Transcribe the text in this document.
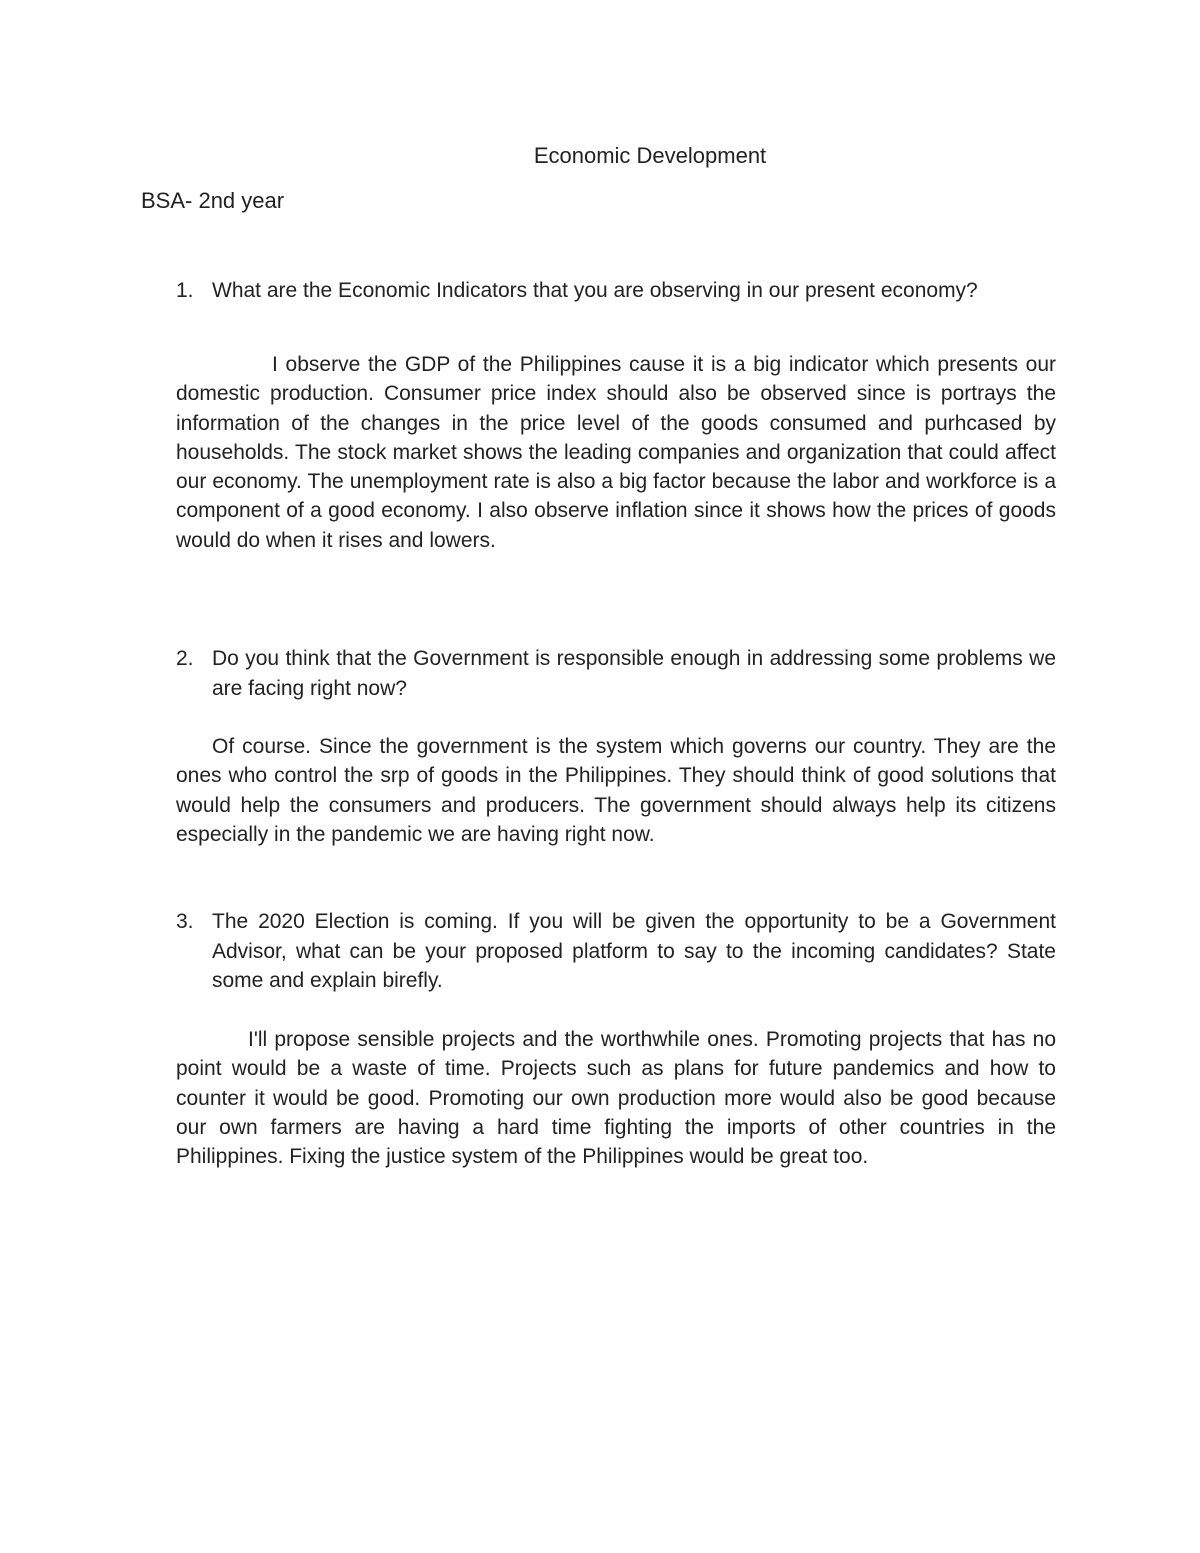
Economic Development
BSA- 2nd year
1. What are the Economic Indicators that you are observing in our present economy?
I observe the GDP of the Philippines cause it is a big indicator which presents our domestic production. Consumer price index should also be observed since is portrays the information of the changes in the price level of the goods consumed and purhcased by households. The stock market shows the leading companies and organization that could affect our economy. The unemployment rate is also a big factor because the labor and workforce is a component of a good economy. I also observe inflation since it shows how the prices of goods would do when it rises and lowers.
2. Do you think that the Government is responsible enough in addressing some problems we are facing right now?
Of course. Since the government is the system which governs our country. They are the ones who control the srp of goods in the Philippines. They should think of good solutions that would help the consumers and producers. The government should always help its citizens especially in the pandemic we are having right now.
3. The 2020 Election is coming. If you will be given the opportunity to be a Government Advisor, what can be your proposed platform to say to the incoming candidates? State some and explain birefly.
I'll propose sensible projects and the worthwhile ones. Promoting projects that has no point would be a waste of time. Projects such as plans for future pandemics and how to counter it would be good. Promoting our own production more would also be good because our own farmers are having a hard time fighting the imports of other countries in the Philippines. Fixing the justice system of the Philippines would be great too.
